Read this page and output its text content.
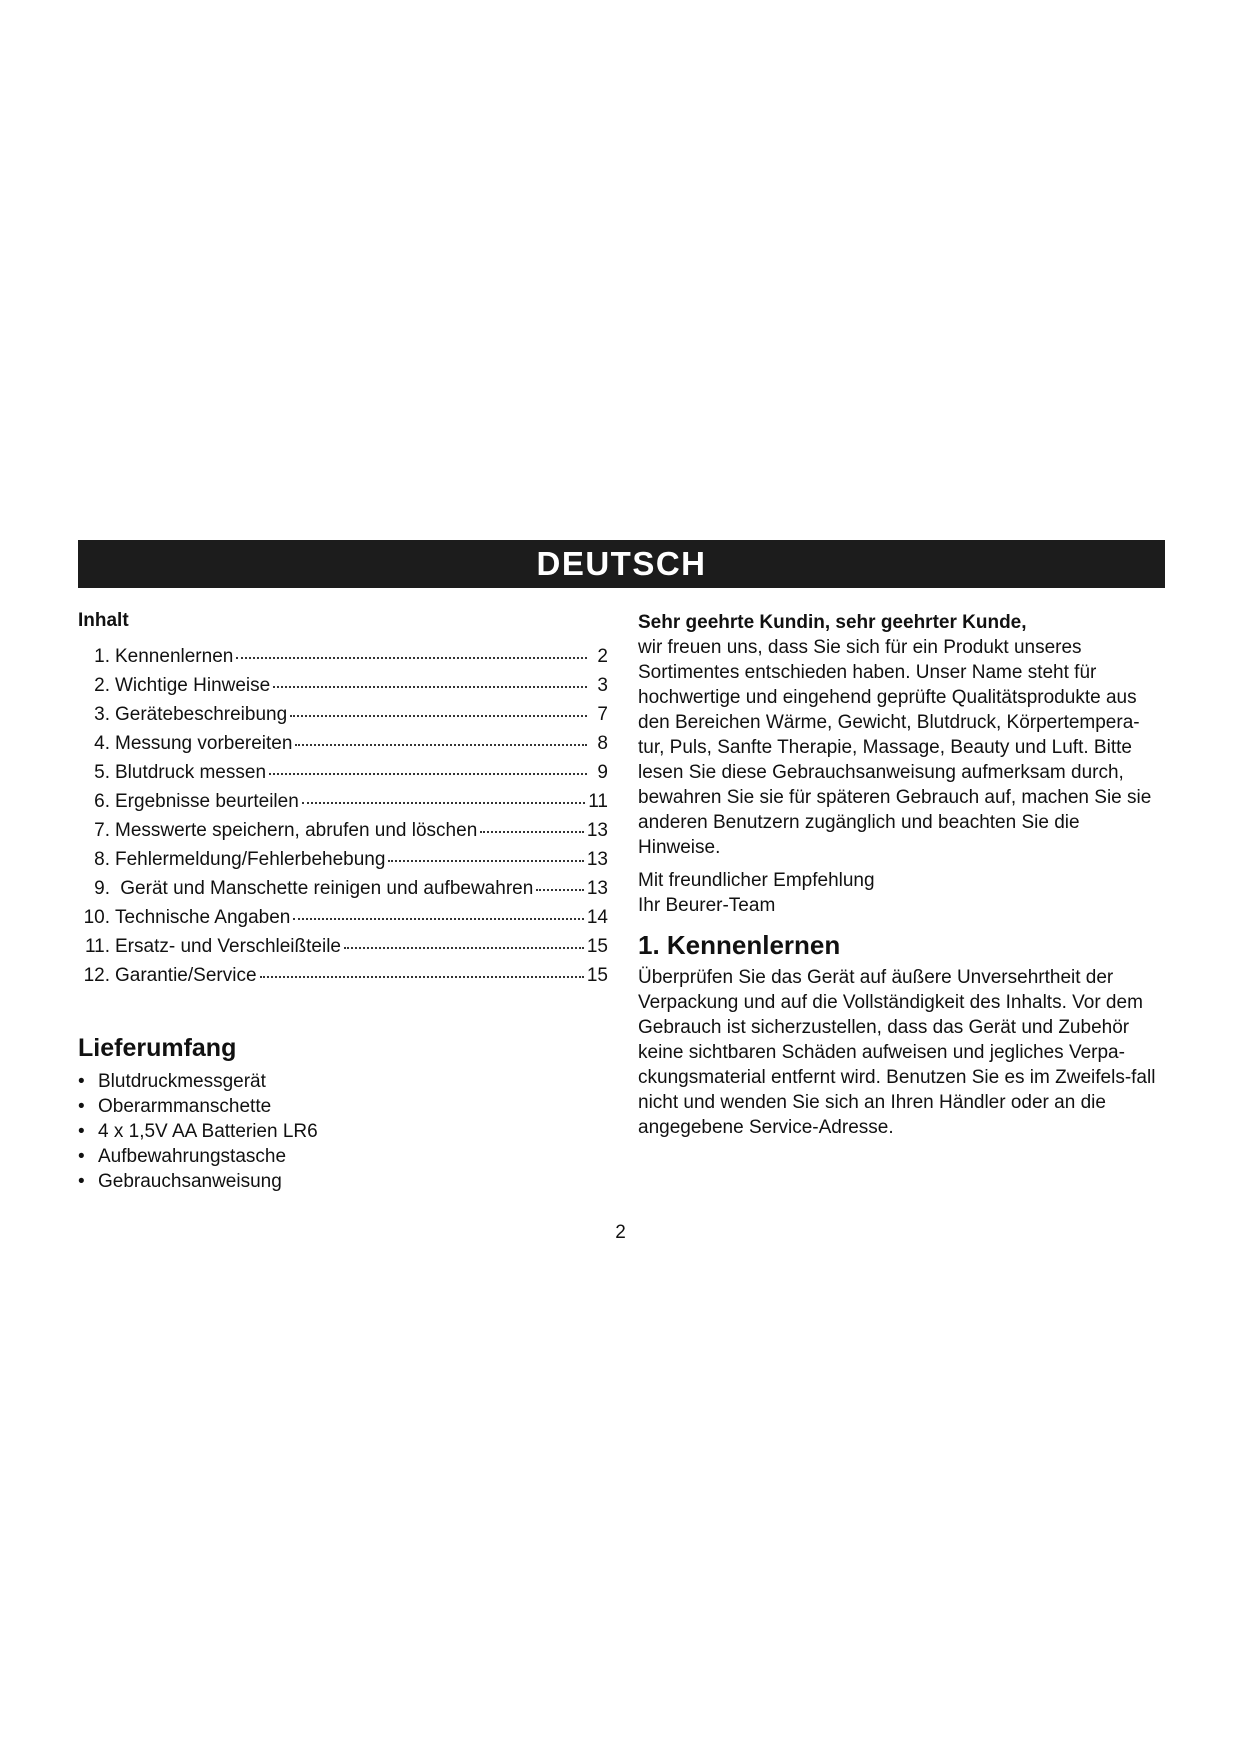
DEUTSCH
Inhalt
1. Kennenlernen	2
2. Wichtige Hinweise	3
3. Gerätebeschreibung	7
4. Messung vorbereiten	8
5. Blutdruck messen	9
6. Ergebnisse beurteilen	11
7. Messwerte speichern, abrufen und löschen	13
8. Fehlermeldung/Fehlerbehebung	13
9. Gerät und Manschette reinigen und aufbewahren	13
10. Technische Angaben	14
11. Ersatz- und Verschleißteile	15
12. Garantie/Service	15
Lieferumfang
• Blutdruckmessgerät
• Oberarmmanschette
• 4 x 1,5V AA Batterien LR6
• Aufbewahrungstasche
• Gebrauchsanweisung

Sehr geehrte Kundin, sehr geehrter Kunde,

wir freuen uns, dass Sie sich für ein Produkt unseres Sortimentes entschieden haben. Unser Name steht für hochwertige und eingehend geprüfte Qualitätsprodukte aus den Bereichen Wärme, Gewicht, Blutdruck, Körpertempera-tur, Puls, Sanfte Therapie, Massage, Beauty und Luft. Bitte lesen Sie diese Gebrauchsanweisung aufmerksam durch, bewahren Sie sie für späteren Gebrauch auf, machen Sie sie anderen Benutzern zugänglich und beachten Sie die Hinweise.

Mit freundlicher Empfehlung

Ihr Beurer-Team

1. Kennenlernen

Überprüfen Sie das Gerät auf äußere Unversehrtheit der Verpackung und auf die Vollständigkeit des Inhalts. Vor dem Gebrauch ist sicherzustellen, dass das Gerät und Zubehör keine sichtbaren Schäden aufweisen und jegliches Verpa-ckungsmaterial entfernt wird. Benutzen Sie es im Zweifels-fall nicht und wenden Sie sich an Ihren Händler oder an die angegebene Service-Adresse.

2
